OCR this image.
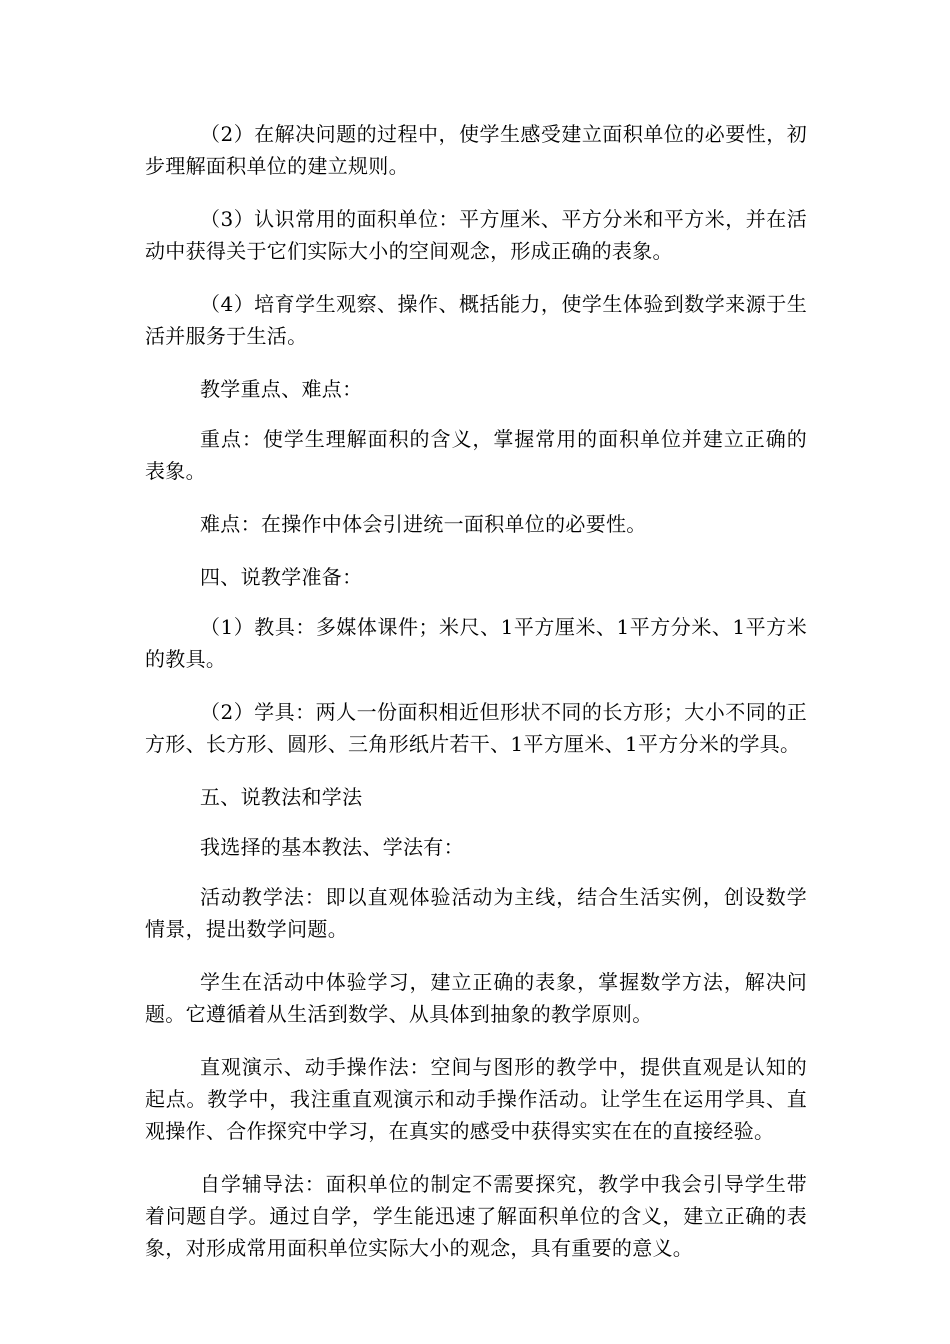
（2）在解决问题的过程中，使学生感受建立面积单位的必要性，初步理解面积单位的建立规则。

（3）认识常用的面积单位：平方厘米、平方分米和平方米，并在活动中获得关于它们实际大小的空间观念，形成正确的表象。

（4）培育学生观察、操作、概括能力，使学生体验到数学来源于生活并服务于生活。

教学重点、难点：

重点：使学生理解面积的含义，掌握常用的面积单位并建立正确的表象。

难点：在操作中体会引进统一面积单位的必要性。

四、说教学准备：

（1）教具：多媒体课件；米尺、1平方厘米、1平方分米、1平方米的教具。

（2）学具：两人一份面积相近但形状不同的长方形；大小不同的正方形、长方形、圆形、三角形纸片若干、1平方厘米、1平方分米的学具。

五、说教法和学法

我选择的基本教法、学法有：

活动教学法：即以直观体验活动为主线，结合生活实例，创设数学情景，提出数学问题。

学生在活动中体验学习，建立正确的表象，掌握数学方法，解决问题。它遵循着从生活到数学、从具体到抽象的教学原则。

直观演示、动手操作法：空间与图形的教学中，提供直观是认知的起点。教学中，我注重直观演示和动手操作活动。让学生在运用学具、直观操作、合作探究中学习，在真实的感受中获得实实在在的直接经验。

自学辅导法：面积单位的制定不需要探究，教学中我会引导学生带着问题自学。通过自学，学生能迅速了解面积单位的含义，建立正确的表象，对形成常用面积单位实际大小的观念，具有重要的意义。
